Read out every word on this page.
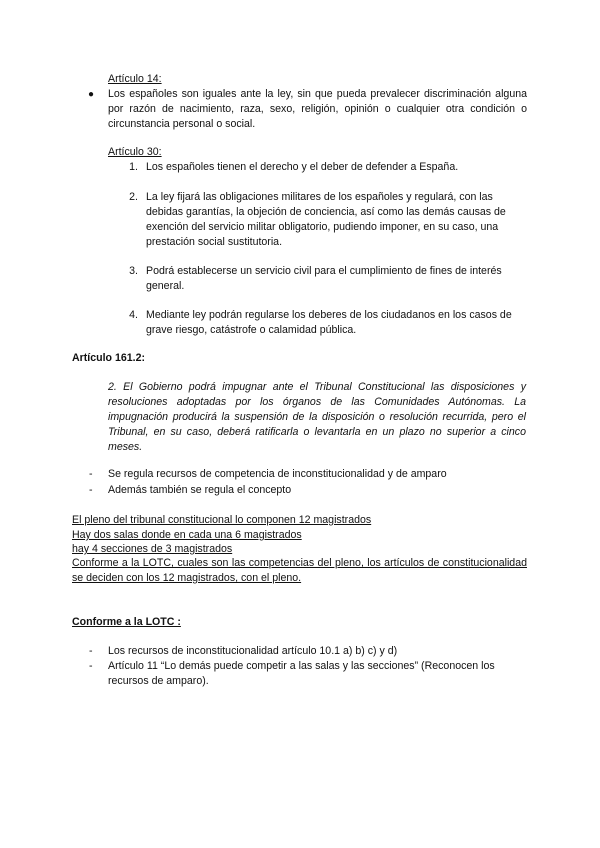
Artículo 14:
● Los españoles son iguales ante la ley, sin que pueda prevalecer discriminación alguna por razón de nacimiento, raza, sexo, religión, opinión o cualquier otra condición o circunstancia personal o social.
Artículo 30:
1. Los españoles tienen el derecho y el deber de defender a España.
2. La ley fijará las obligaciones militares de los españoles y regulará, con las debidas garantías, la objeción de conciencia, así como las demás causas de exención del servicio militar obligatorio, pudiendo imponer, en su caso, una prestación social sustitutoria.
3. Podrá establecerse un servicio civil para el cumplimiento de fines de interés general.
4. Mediante ley podrán regularse los deberes de los ciudadanos en los casos de grave riesgo, catástrofe o calamidad pública.
Artículo 161.2:
2. El Gobierno podrá impugnar ante el Tribunal Constitucional las disposiciones y resoluciones adoptadas por los órganos de las Comunidades Autónomas. La impugnación producirá la suspensión de la disposición o resolución recurrida, pero el Tribunal, en su caso, deberá ratificarla o levantarla en un plazo no superior a cinco meses.
- Se regula recursos de competencia de inconstitucionalidad y de amparo
- Además también se regula el concepto
El pleno del tribunal constitucional lo componen 12 magistrados
Hay dos salas donde en cada una 6 magistrados
hay 4 secciones de 3 magistrados
Conforme a la LOTC, cuales son las competencias del pleno, los artículos de constitucionalidad se deciden con los 12 magistrados, con el pleno.
Conforme a la LOTC :
- Los recursos de inconstitucionalidad artículo 10.1 a) b) c) y d)
- Artículo 11 “Lo demás puede competir a las salas y las secciones” (Reconocen los recursos de amparo).
